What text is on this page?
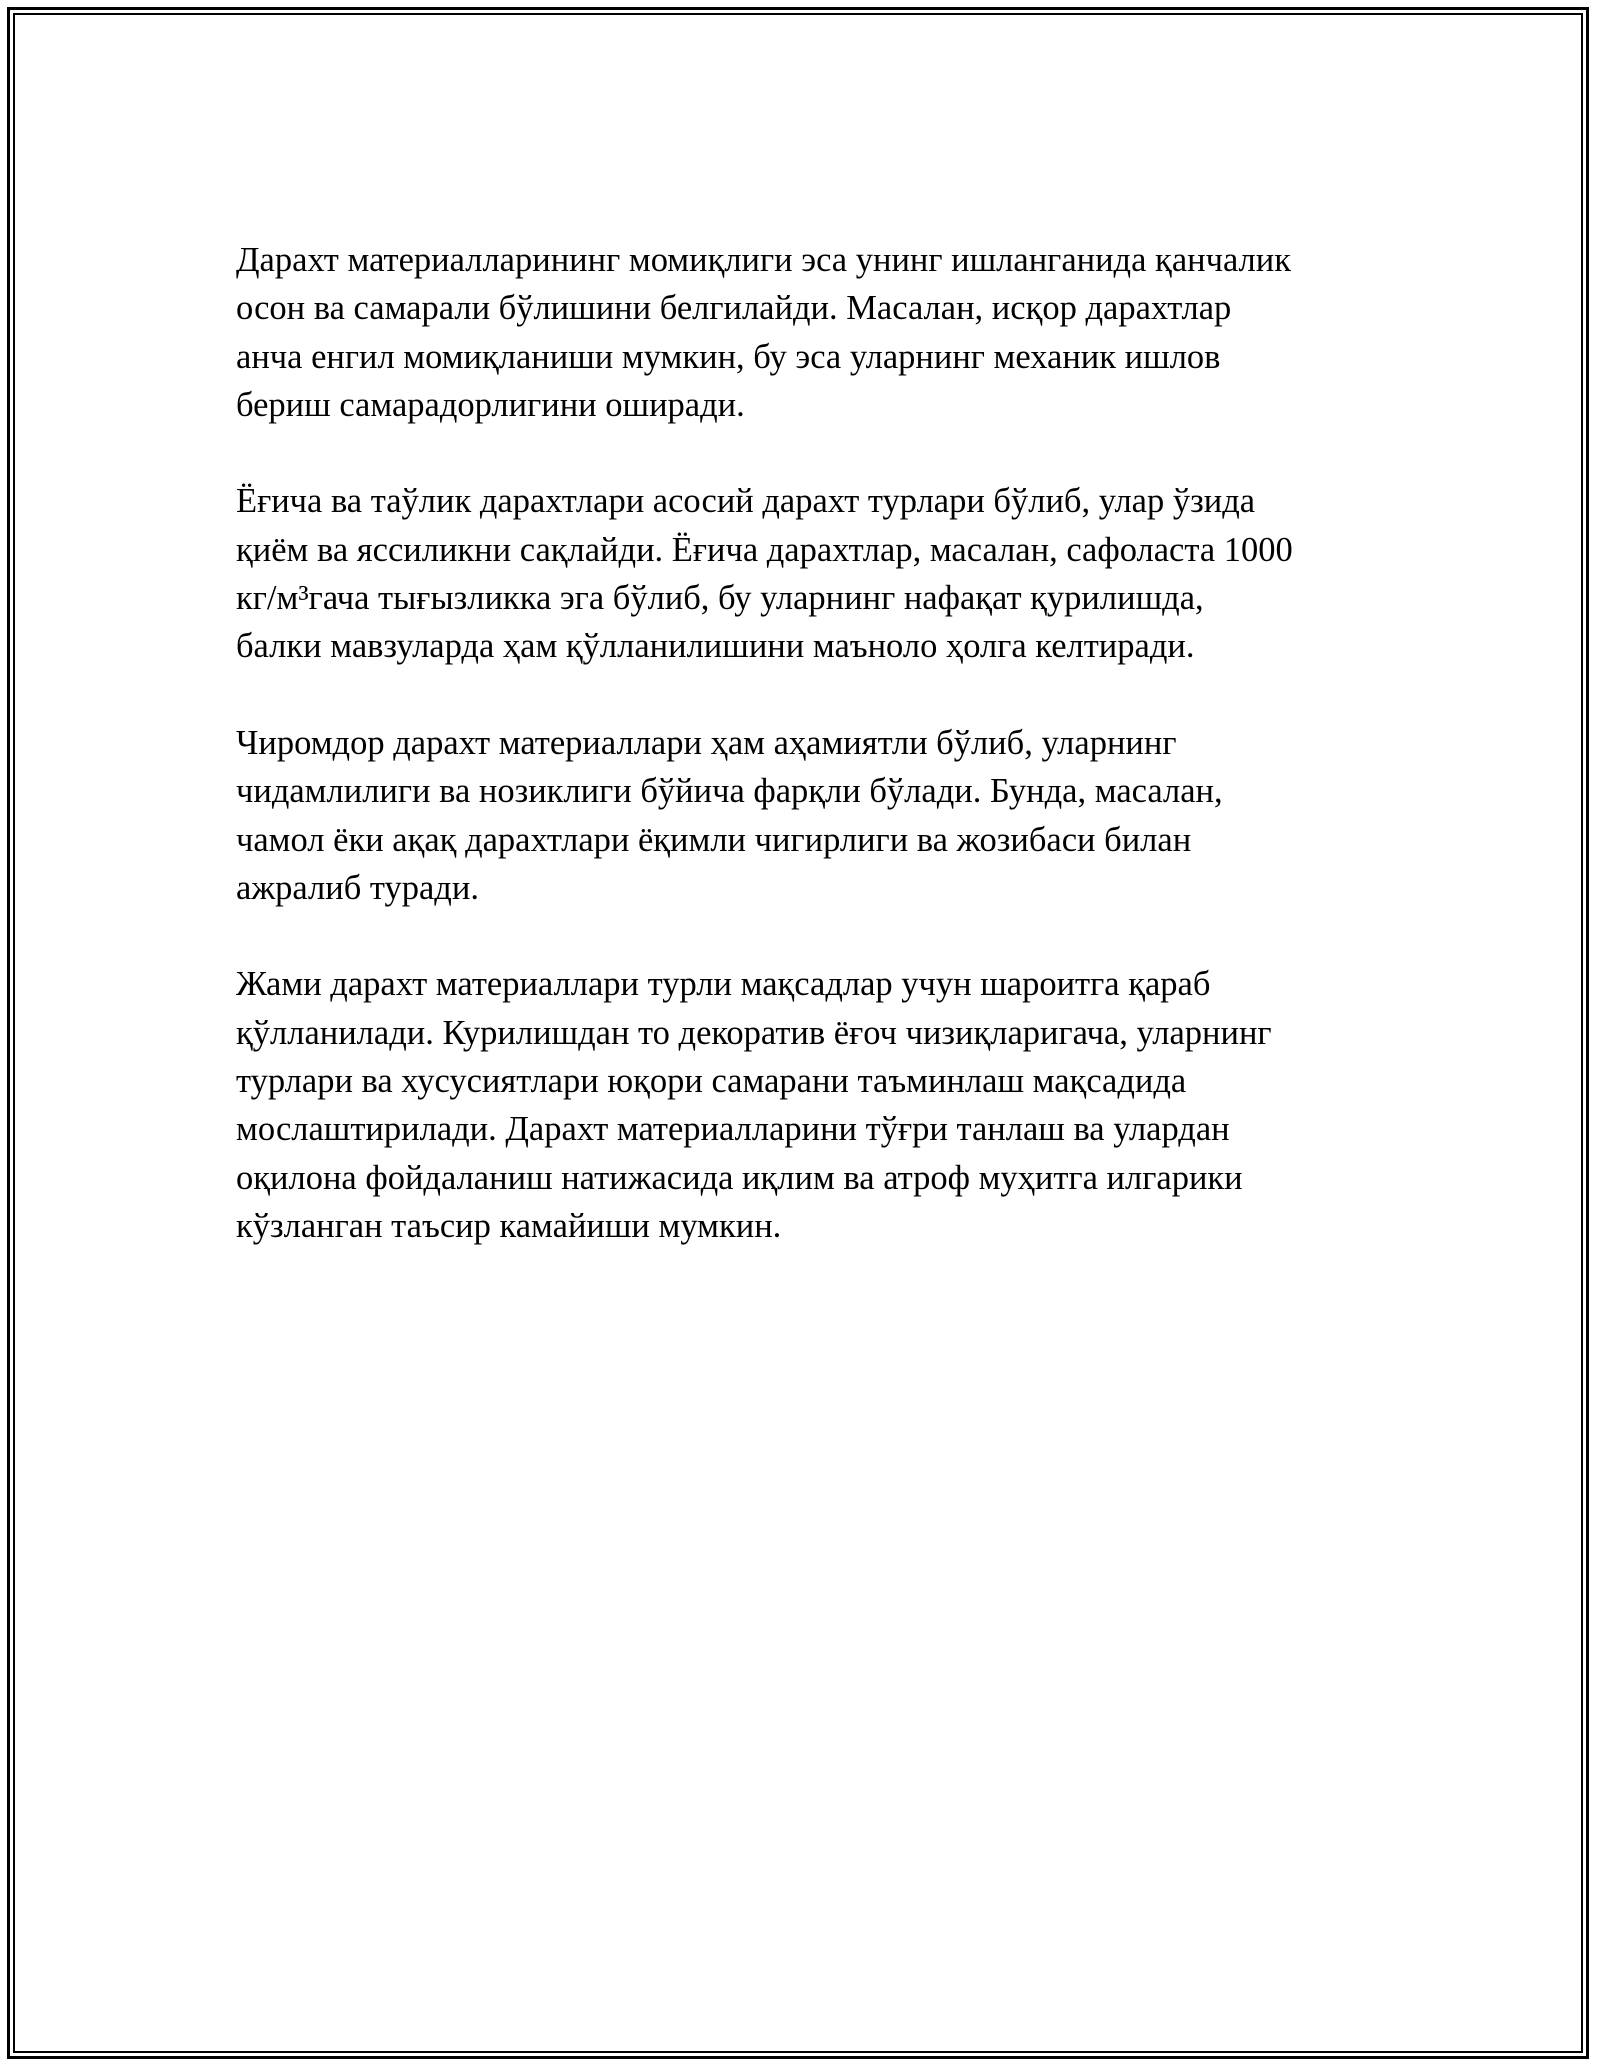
Дарахт материалларининг момиқлиги эса унинг ишланганида қанчалик
осон ва самарали бўлишини белгилайди. Масалан, исқор дарахтлар
анча енгил момиқланиши мумкин, бу эса уларнинг механик ишлов
бериш самарадорлигини оширади.

Ёғича ва таўлик дарахтлари асосий дарахт турлари бўлиб, улар ўзида
қиём ва яссиликни сақлайди. Ёғича дарахтлар, масалан, сафоласта 1000
кг/м³гача тығызликка эга бўлиб, бу уларнинг нафақат қурилишда,
балки мавзуларда ҳам қўлланилишини маъноло ҳолга келтиради.

Чиромдор дарахт материаллари ҳам аҳамиятли бўлиб, уларнинг
чидамлилиги ва нозиклиги бўйича фарқли бўлади. Бунда, масалан,
чамол ёки ақақ дарахтлари ёқимли чигирлиги ва жозибаси билан
ажралиб туради.

Жами дарахт материаллари турли мақсадлар учун шароитга қараб
қўлланилади. Курилишдан то декоратив ёғоч чизиқларигача, уларнинг
турлари ва хусусиятлари юқори самарани таъминлаш мақсадида
мослаштирилади. Дарахт материалларини тўғри танлаш ва улардан
оқилона фойдаланиш натижасида иқлим ва атроф муҳитга илгарики
кўзланган таъсир камайиши мумкин.
